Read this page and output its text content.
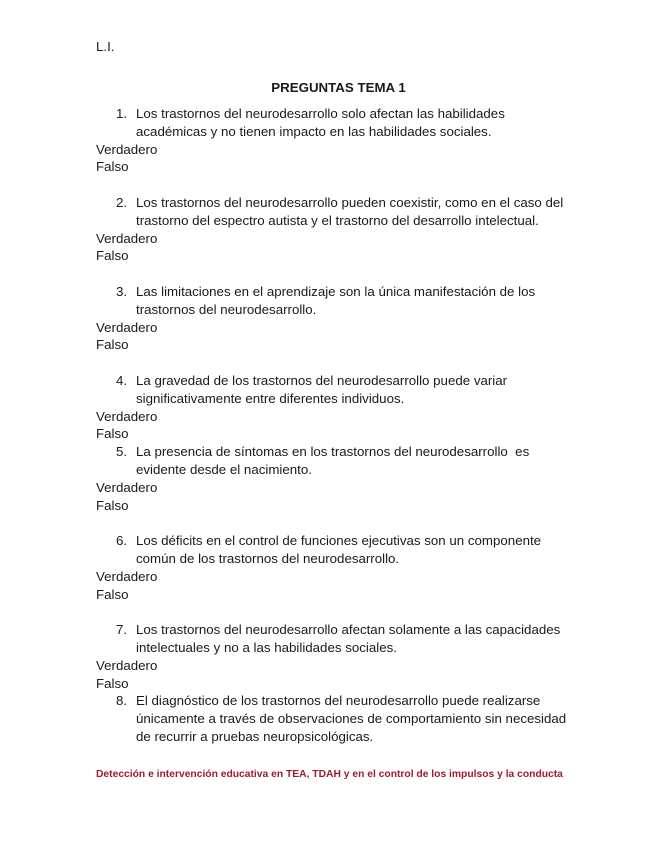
L.I.
PREGUNTAS TEMA 1
1. Los trastornos del neurodesarrollo solo afectan las habilidades
académicas y no tienen impacto en las habilidades sociales.
Verdadero
Falso
2. Los trastornos del neurodesarrollo pueden coexistir, como en el caso del
trastorno del espectro autista y el trastorno del desarrollo intelectual.
Verdadero
Falso
3. Las limitaciones en el aprendizaje son la única manifestación de los
trastornos del neurodesarrollo.
Verdadero
Falso
4. La gravedad de los trastornos del neurodesarrollo puede variar
significativamente entre diferentes individuos.
Verdadero
Falso
5. La presencia de síntomas en los trastornos del neurodesarrollo  es
evidente desde el nacimiento.
Verdadero
Falso
6. Los déficits en el control de funciones ejecutivas son un componente
común de los trastornos del neurodesarrollo.
Verdadero
Falso
7. Los trastornos del neurodesarrollo afectan solamente a las capacidades
intelectuales y no a las habilidades sociales.
Verdadero
Falso
8. El diagnóstico de los trastornos del neurodesarrollo puede realizarse
únicamente a través de observaciones de comportamiento sin necesidad
de recurrir a pruebas neuropsicológicas.
Detección e intervención educativa en TEA, TDAH y en el control de los impulsos y la conducta
